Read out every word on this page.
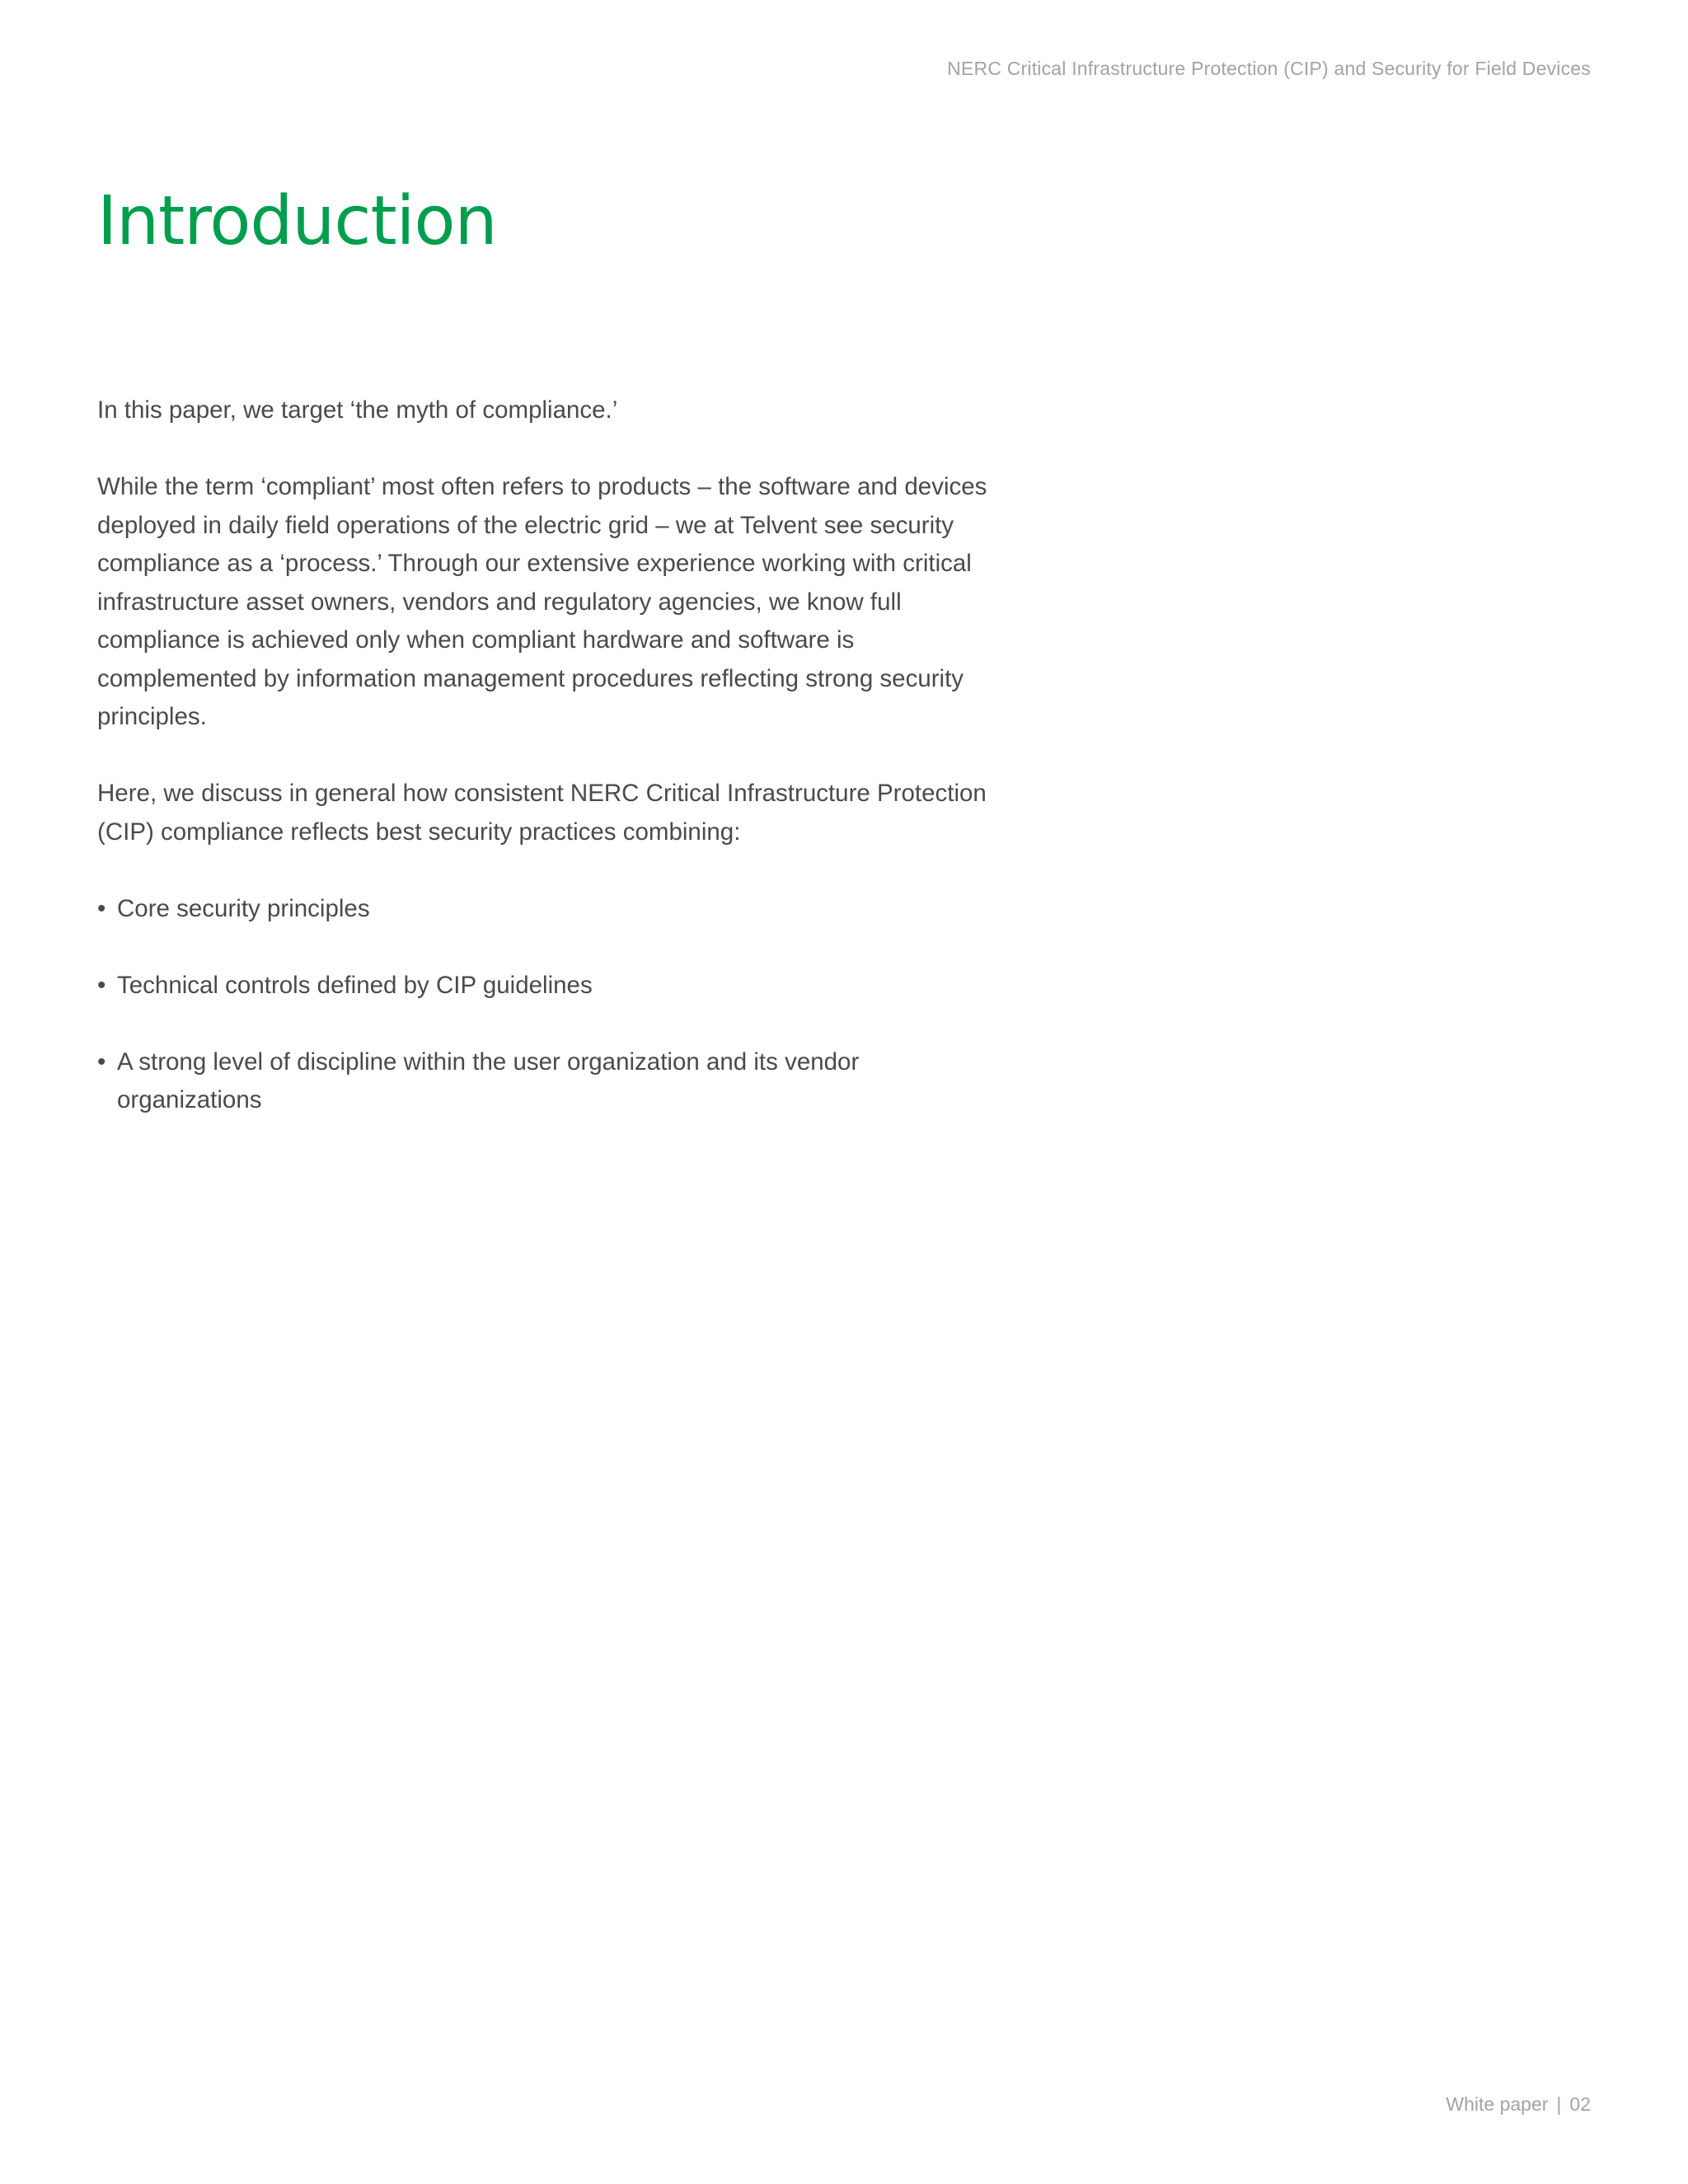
NERC Critical Infrastructure Protection (CIP) and Security for Field Devices
Introduction

In this paper, we target ‘the myth of compliance.’

While the term ‘compliant’ most often refers to products – the software and devices deployed in daily field operations of the electric grid – we at Telvent see security compliance as a ‘process.’ Through our extensive experience working with critical infrastructure asset owners, vendors and regulatory agencies, we know full compliance is achieved only when compliant hardware and software is complemented by information management procedures reflecting strong security principles.

Here, we discuss in general how consistent NERC Critical Infrastructure Protection (CIP) compliance reflects best security practices combining:

• Core security principles
• Technical controls defined by CIP guidelines
• A strong level of discipline within the user organization and its vendor organizations
White paper | 02
